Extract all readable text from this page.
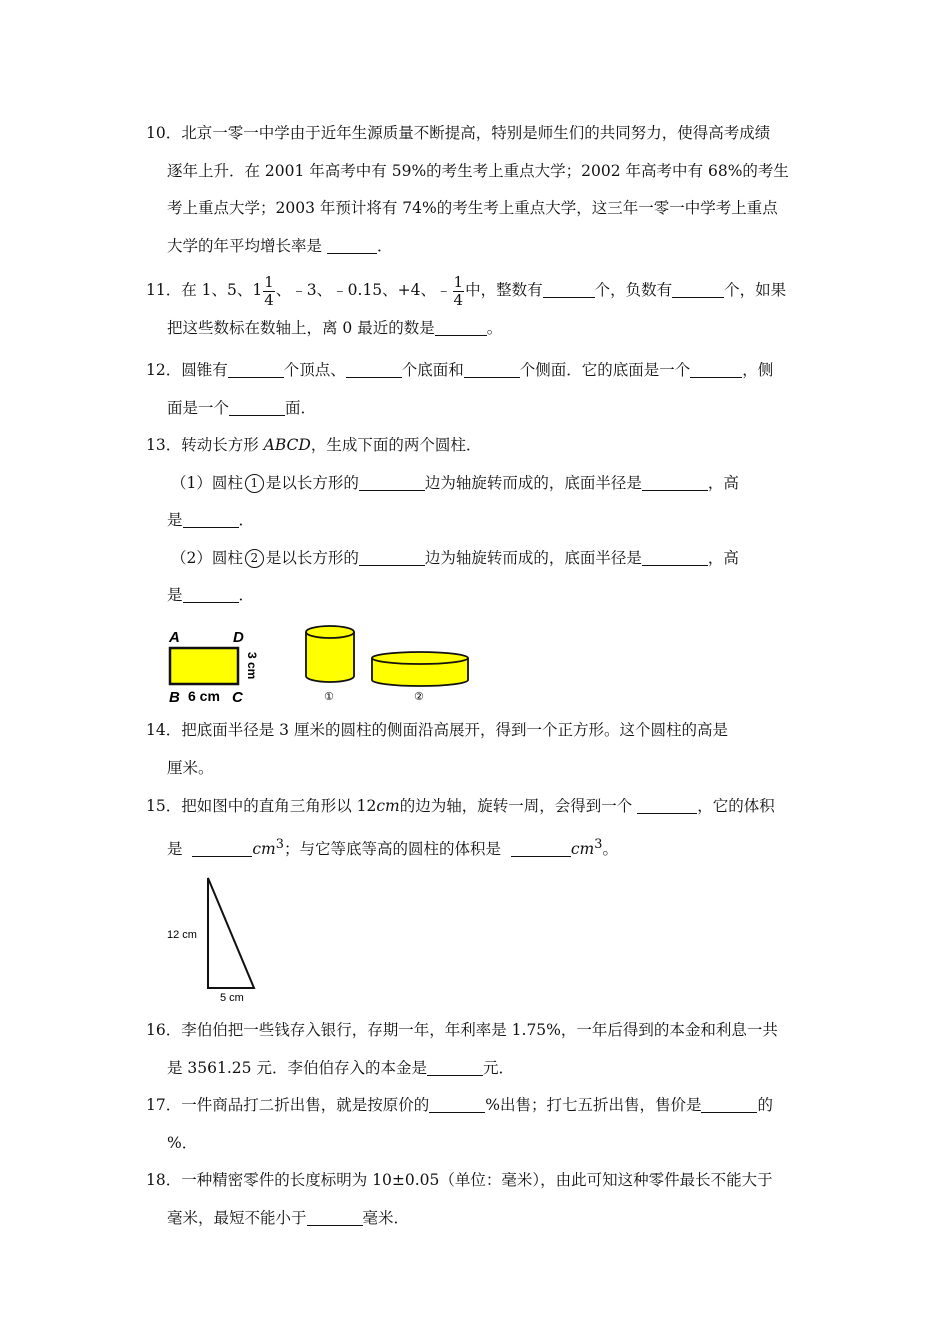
10．北京一零一中学由于近年生源质量不断提高，特别是师生们的共同努力，使得高考成绩

逐年上升．在 2001 年高考中有 59%的考生考上重点大学；2002 年高考中有 68%的考生

考上重点大学；2003 年预计将有 74%的考生考上重点大学，这三年一零一中学考上重点

大学的年平均增长率是	．

11．在 1、5、$1 \frac{1}{4}$ 、﹣3、﹣0.15、+4、﹣ $\frac{1}{4}$ 中，整数有	个，负数有	个，如果

把这些数标在数轴上，离 0 最近的数是	。

12．圆锥有	个顶点、	个底面和	个侧面．它的底面是一个	，侧

面是一个	面．

13．转动长方形 ABCD，生成下面的两个圆柱．

（1）圆柱 1 是以长方形的	边为轴旋转而成的，底面半径是	，高

是	．

（2）圆柱 2 是以长方形的	边为轴旋转而成的，底面半径是	，高

是	．

A	D
B	C
6 cm
3 cm
①	②

14．把底面半径是 3 厘米的圆柱的侧面沿高展开，得到一个正方形。这个圆柱的高是

厘米。

15．把如图中的直角三角形以 12cm的边为轴，旋转一周，会得到一个	，它的体积

是	$cm^3$；与它等底等高的圆柱的体积是	$cm^3$。

12 cm
5 cm

16．李伯伯把一些钱存入银行，存期一年，年利率是 1.75%，一年后得到的本金和利息一共

是 3561.25 元．李伯伯存入的本金是	元．

17．一件商品打二折出售，就是按原价的	%出售；打七五折出售，售价是	的

%．

18．一种精密零件的长度标明为 10±0.05（单位：毫米），由此可知这种零件最长不能大于

毫米，最短不能小于	毫米．
